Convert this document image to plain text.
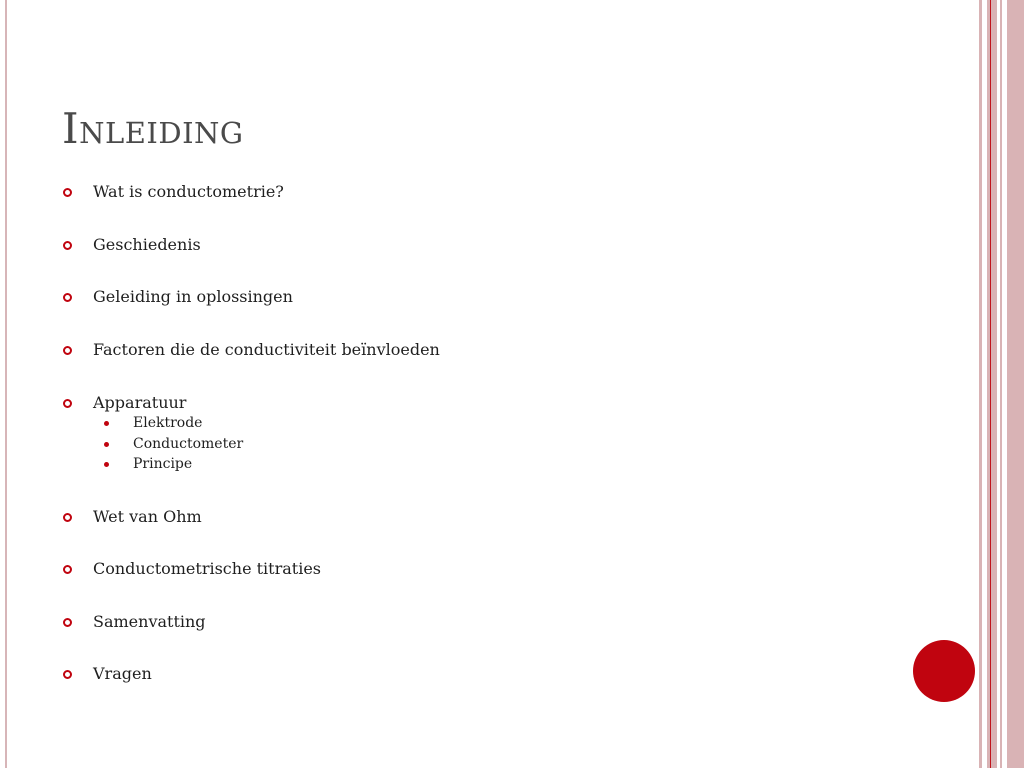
Inleiding
Wat is conductometrie?
Geschiedenis
Geleiding in oplossingen
Factoren die de conductiviteit beïnvloeden
Apparatuur
Wet van Ohm
Conductometrische titraties
Samenvatting
Vragen
Elektrode
Conductometer
Principe
